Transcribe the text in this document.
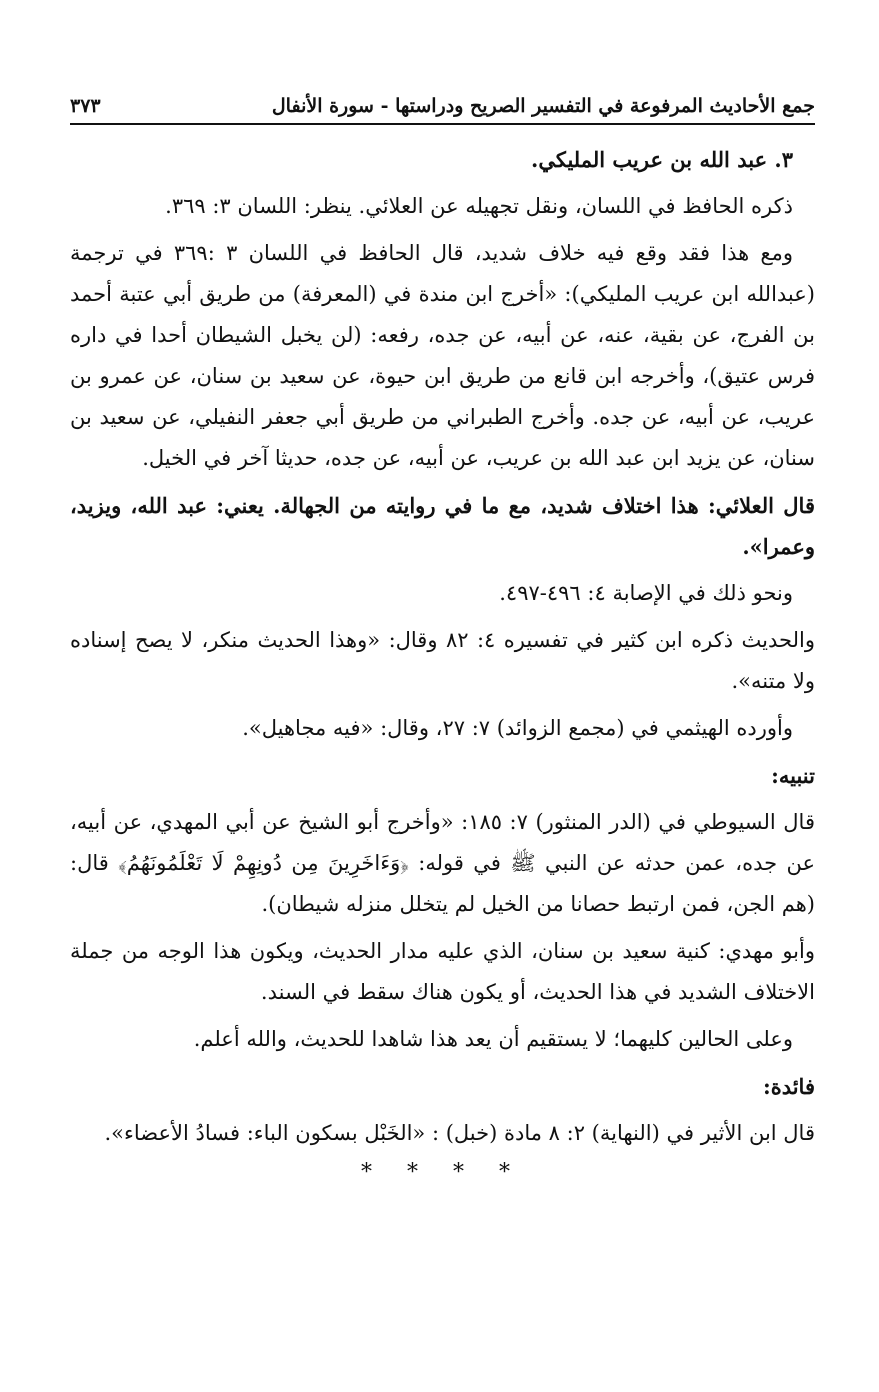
جمع الأحاديث المرفوعة في التفسير الصريح ودراستها - سورة الأنفال
٣٧٣

٣. عبد الله بن عريب المليكي.

ذكره الحافظ في اللسان، ونقل تجهيله عن العلائي. ينظر: اللسان ٣: ٣٦٩.

ومع هذا فقد وقع فيه خلاف شديد، قال الحافظ في اللسان ٣ :٣٦٩ في ترجمة (عبدالله ابن عريب المليكي): «أخرج ابن مندة في (المعرفة) من طريق أبي عتبة أحمد بن الفرج، عن بقية، عنه، عن أبيه، عن جده، رفعه: (لن يخبل الشيطان أحدا في داره فرس عتيق)، وأخرجه ابن قانع من طريق ابن حيوة، عن سعيد بن سنان، عن عمرو بن عريب، عن أبيه، عن جده. وأخرج الطبراني من طريق أبي جعفر النفيلي، عن سعيد بن سنان، عن يزيد ابن عبد الله بن عريب، عن أبيه، عن جده، حديثا آخر في الخيل.

قال العلائي: هذا اختلاف شديد، مع ما في روايته من الجهالة. يعني: عبد الله، ويزيد، وعمرا».

ونحو ذلك في الإصابة ٤: ٤٩٦-٤٩٧.

والحديث ذكره ابن كثير في تفسيره ٤: ٨٢ وقال: «وهذا الحديث منكر، لا يصح إسناده ولا متنه».

وأورده الهيثمي في (مجمع الزوائد) ٧: ٢٧، وقال: «فيه مجاهيل».

تنبيه:

قال السيوطي في (الدر المنثور) ٧: ١٨٥: «وأخرج أبو الشيخ عن أبي المهدي، عن أبيه، عن جده، عمن حدثه عن النبي ﷺ في قوله: ﴿وَءَاخَرِينَ مِن دُونِهِمْ لَا تَعْلَمُونَهُمُ﴾ قال: (هم الجن، فمن ارتبط حصانا من الخيل لم يتخلل منزله شيطان).

وأبو مهدي: كنية سعيد بن سنان، الذي عليه مدار الحديث، ويكون هذا الوجه من جملة الاختلاف الشديد في هذا الحديث، أو يكون هناك سقط في السند.

وعلى الحالين كليهما؛ لا يستقيم أن يعد هذا شاهدا للحديث، والله أعلم.

فائدة:

قال ابن الأثير في (النهاية) ٢: ٨ مادة (خبل) : «الخَبْل بسكون الباء: فسادُ الأعضاء».

* * * *
